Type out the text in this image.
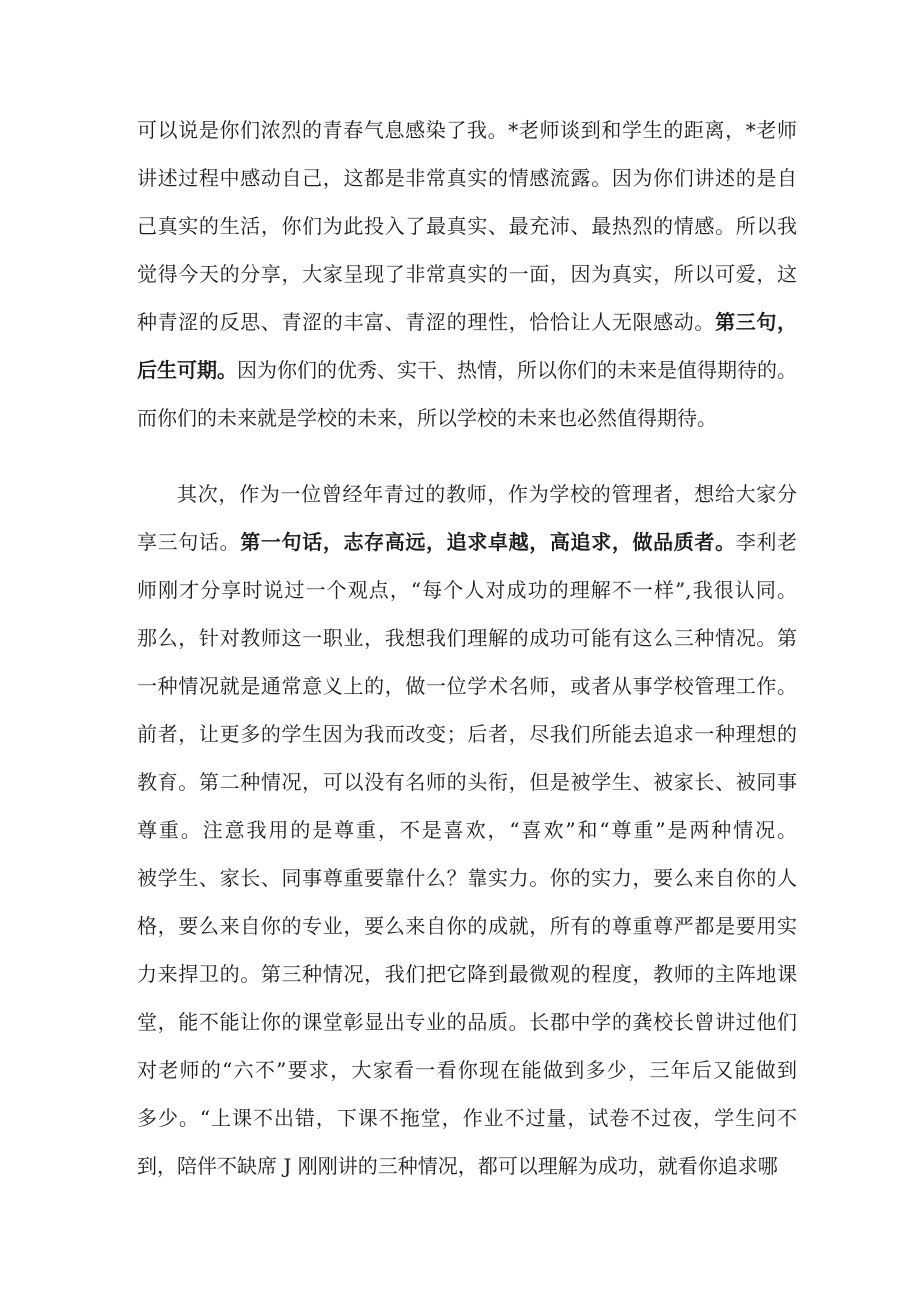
可以说是你们浓烈的青春气息感染了我。*老师谈到和学生的距离，*老师
讲述过程中感动自己，这都是非常真实的情感流露。因为你们讲述的是自
己真实的生活，你们为此投入了最真实、最充沛、最热烈的情感。所以我
觉得今天的分享，大家呈现了非常真实的一面，因为真实，所以可爱，这
种青涩的反思、青涩的丰富、青涩的理性，恰恰让人无限感动。第三句，
后生可期。因为你们的优秀、实干、热情，所以你们的未来是值得期待的。
而你们的未来就是学校的未来，所以学校的未来也必然值得期待。
其次，作为一位曾经年青过的教师，作为学校的管理者，想给大家分
享三句话。第一句话，志存高远，追求卓越，高追求，做品质者。李利老
师刚才分享时说过一个观点，“每个人对成功的理解不一样”,我很认同。
那么，针对教师这一职业，我想我们理解的成功可能有这么三种情况。第
一种情况就是通常意义上的，做一位学术名师，或者从事学校管理工作。
前者，让更多的学生因为我而改变；后者，尽我们所能去追求一种理想的
教育。第二种情况，可以没有名师的头衔，但是被学生、被家长、被同事
尊重。注意我用的是尊重，不是喜欢，“喜欢”和“尊重”是两种情况。
被学生、家长、同事尊重要靠什么？靠实力。你的实力，要么来自你的人
格，要么来自你的专业，要么来自你的成就，所有的尊重尊严都是要用实
力来捍卫的。第三种情况，我们把它降到最微观的程度，教师的主阵地课
堂，能不能让你的课堂彰显出专业的品质。长郡中学的龚校长曾讲过他们
对老师的“六不”要求，大家看一看你现在能做到多少，三年后又能做到
多少。“上课不出错，下课不拖堂，作业不过量，试卷不过夜，学生问不
到，陪伴不缺席 J 刚刚讲的三种情况，都可以理解为成功，就看你追求哪
